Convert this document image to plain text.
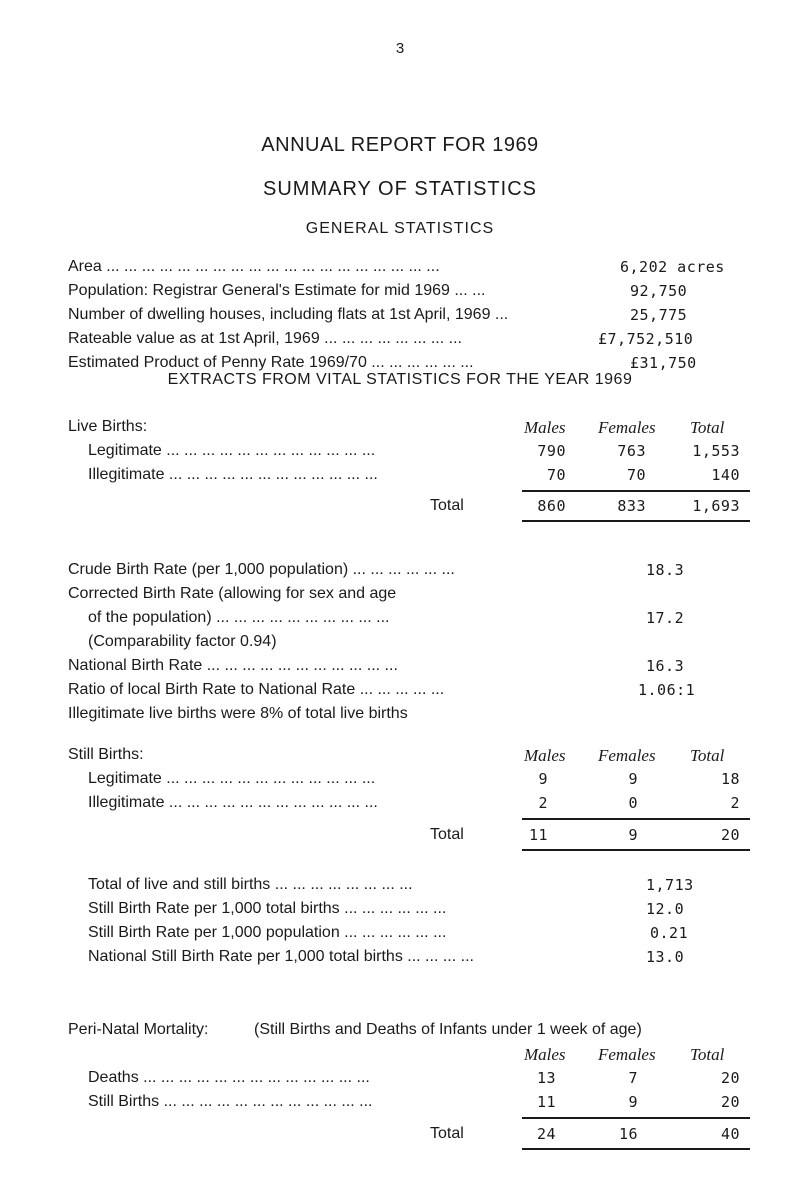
3
ANNUAL REPORT FOR 1969
SUMMARY OF STATISTICS
GENERAL STATISTICS
Area ... ... ... ... ... ... ... ... ... ... ... ... ... ... ... ... ... ... ...	6,202 acres
Population: Registrar General's Estimate for mid 1969 ... ...	92,750
Number of dwelling houses, including flats at 1st April, 1969 ...	25,775
Rateable value as at 1st April, 1969 ... ... ... ... ... ... ... ...	£7,752,510
Estimated Product of Penny Rate 1969/70 ... ... ... ... ... ...	£31,750
EXTRACTS FROM VITAL STATISTICS FOR THE YEAR 1969
Live Births:	Males Females Total
Legitimate ... ... ... ... ... ... ... ... ... ... ... ...	790	763	1,553
Illegitimate ... ... ... ... ... ... ... ... ... ... ... ...	70	70	140
Total	860	833	1,693
Crude Birth Rate (per 1,000 population) ... ... ... ... ... ...	18.3
Corrected Birth Rate (allowing for sex and age
of the population) ... ... ... ... ... ... ... ... ... ...	17.2
(Comparability factor 0.94)
National Birth Rate ... ... ... ... ... ... ... ... ... ... ...	16.3
Ratio of local Birth Rate to National Rate ... ... ... ... ...	1.06:1
Illegitimate live births were 8% of total live births
Still Births:	Males Females Total
Legitimate ... ... ... ... ... ... ... ... ... ... ... ...	9	9	18
Illegitimate ... ... ... ... ... ... ... ... ... ... ... ...	2	0	2
Total	11	9	20
Total of live and still births ... ... ... ... ... ... ... ...	1,713
Still Birth Rate per 1,000 total births ... ... ... ... ... ...	12.0
Still Birth Rate per 1,000 population ... ... ... ... ... ...	0.21
National Still Birth Rate per 1,000 total births ... ... ... ...	13.0
Peri-Natal Mortality:	(Still Births and Deaths of Infants under 1 week of age)
Males Females Total
Deaths ... ... ... ... ... ... ... ... ... ... ... ... ...	13	7	20
Still Births ... ... ... ... ... ... ... ... ... ... ... ...	11	9	20
Total	24	16	40
